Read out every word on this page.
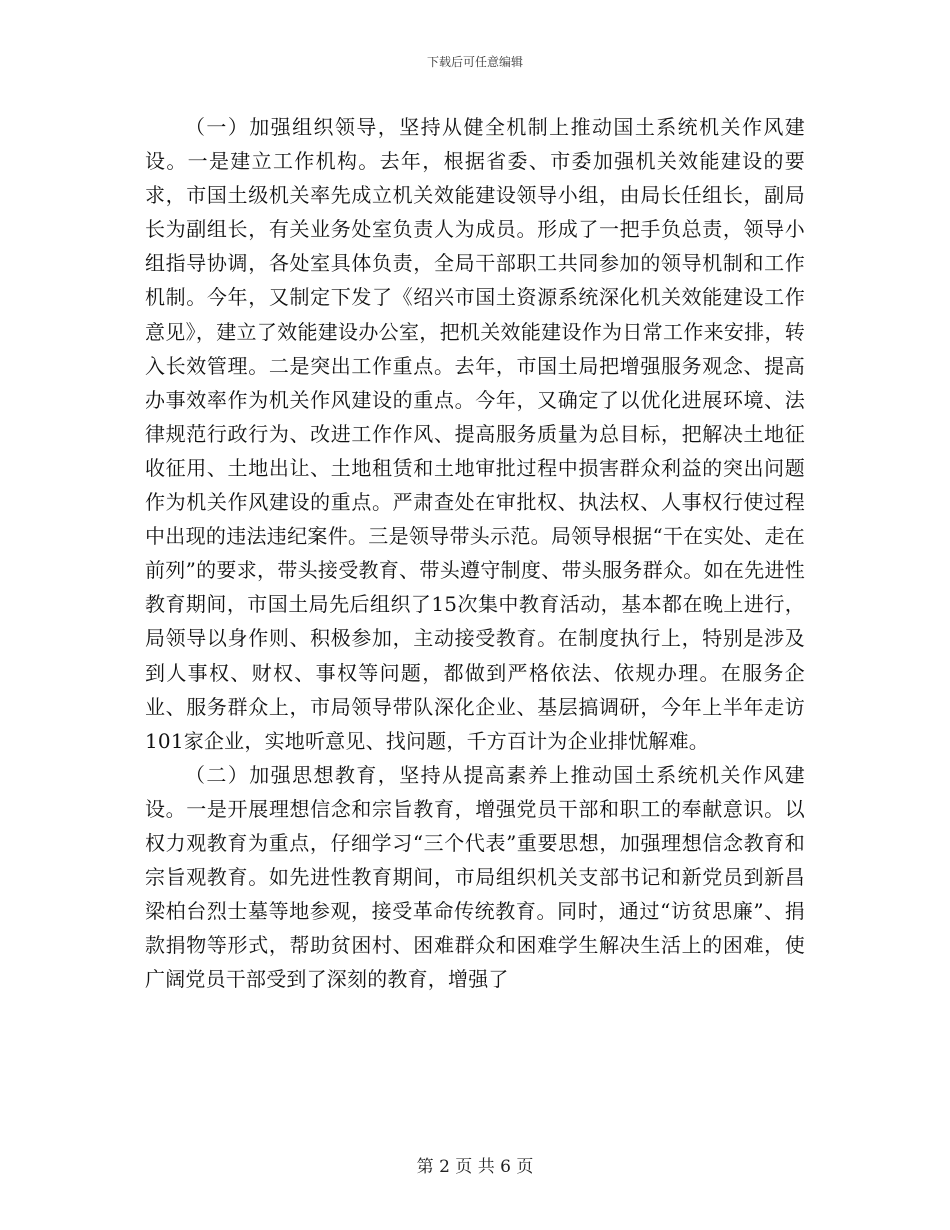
下载后可任意编辑

（一）加强组织领导，坚持从健全机制上推动国土系统机关作风建设。一是建立工作机构。去年，根据省委、市委加强机关效能建设的要求，市国土级机关率先成立机关效能建设领导小组，由局长任组长，副局长为副组长，有关业务处室负责人为成员。形成了一把手负总责，领导小组指导协调，各处室具体负责，全局干部职工共同参加的领导机制和工作机制。今年，又制定下发了《绍兴市国土资源系统深化机关效能建设工作意见》，建立了效能建设办公室，把机关效能建设作为日常工作来安排，转入长效管理。二是突出工作重点。去年，市国土局把增强服务观念、提高办事效率作为机关作风建设的重点。今年，又确定了以优化进展环境、法律规范行政行为、改进工作作风、提高服务质量为总目标，把解决土地征收征用、土地出让、土地租赁和土地审批过程中损害群众利益的突出问题作为机关作风建设的重点。严肃查处在审批权、执法权、人事权行使过程中出现的违法违纪案件。三是领导带头示范。局领导根据“干在实处、走在前列”的要求，带头接受教育、带头遵守制度、带头服务群众。如在先进性教育期间，市国土局先后组织了15次集中教育活动，基本都在晚上进行，局领导以身作则、积极参加，主动接受教育。在制度执行上，特别是涉及到人事权、财权、事权等问题，都做到严格依法、依规办理。在服务企业、服务群众上，市局领导带队深化企业、基层搞调研，今年上半年走访101家企业，实地听意见、找问题，千方百计为企业排忧解难。

（二）加强思想教育，坚持从提高素养上推动国土系统机关作风建设。一是开展理想信念和宗旨教育，增强党员干部和职工的奉献意识。以权力观教育为重点，仔细学习“三个代表”重要思想，加强理想信念教育和宗旨观教育。如先进性教育期间，市局组织机关支部书记和新党员到新昌梁柏台烈士墓等地参观，接受革命传统教育。同时，通过“访贫思廉”、捐款捐物等形式，帮助贫困村、困难群众和困难学生解决生活上的困难，使广阔党员干部受到了深刻的教育，增强了

第 2 页 共 6 页
